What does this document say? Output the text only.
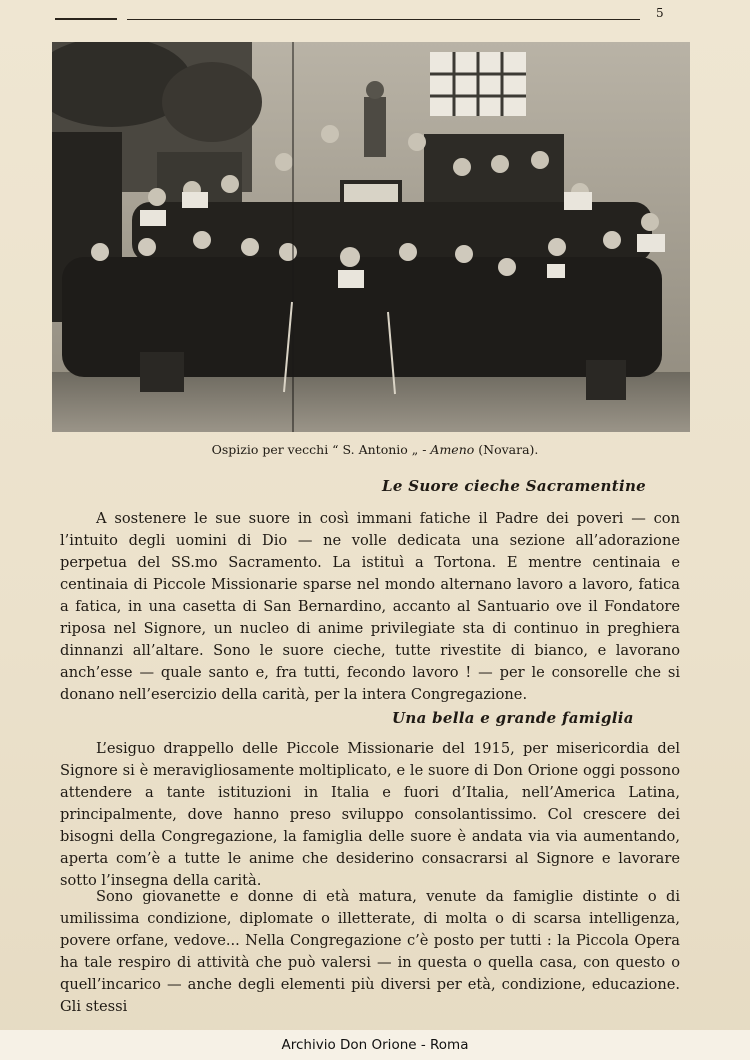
5
Ospizio per vecchi “ S. Antonio „ - Ameno (Novara).
Le Suore cieche Sacramentine

A sostenere le sue suore in così immani fatiche il Padre dei poveri — con l’intuito degli uomini di Dio — ne volle dedicata una sezione all’adorazione perpetua del SS.mo Sacramento. La istituì a Tortona. E mentre centinaia e centinaia di Piccole Missionarie sparse nel mondo alternano lavoro a lavoro, fatica a fatica, in una casetta di San Bernardino, accanto al Santuario ove il Fondatore riposa nel Signore, un nucleo di anime privilegiate sta di continuo in preghiera dinnanzi all’altare. Sono le suore cieche, tutte rivestite di bianco, e lavorano anch’esse — quale santo e, fra tutti, fecondo lavoro ! — per le consorelle che si donano nell’esercizio della carità, per la intera Congregazione.

Una bella e grande famiglia

L’esiguo drappello delle Piccole Missionarie del 1915, per misericordia del Signore si è meravigliosamente moltiplicato, e le suore di Don Orione oggi possono attendere a tante istituzioni in Italia e fuori d’Italia, nell’America Latina, principalmente, dove hanno preso sviluppo consolantissimo. Col crescere dei bisogni della Congregazione, la famiglia delle suore è andata via via aumentando, aperta com’è a tutte le anime che desiderino consacrarsi al Signore e lavorare sotto l’insegna della carità.

Sono giovanette e donne di età matura, venute da famiglie distinte o di umilissima condizione, diplomate o illetterate, di molta o di scarsa intelligenza, povere orfane, vedove... Nella Congregazione c’è posto per tutti : la Piccola Opera ha tale respiro di attività che può valersi — in questa o quella casa, con questo o quell’incarico — anche degli elementi più diversi per età, condizione, educazione. Gli stessi

Archivio Don Orione - Roma
